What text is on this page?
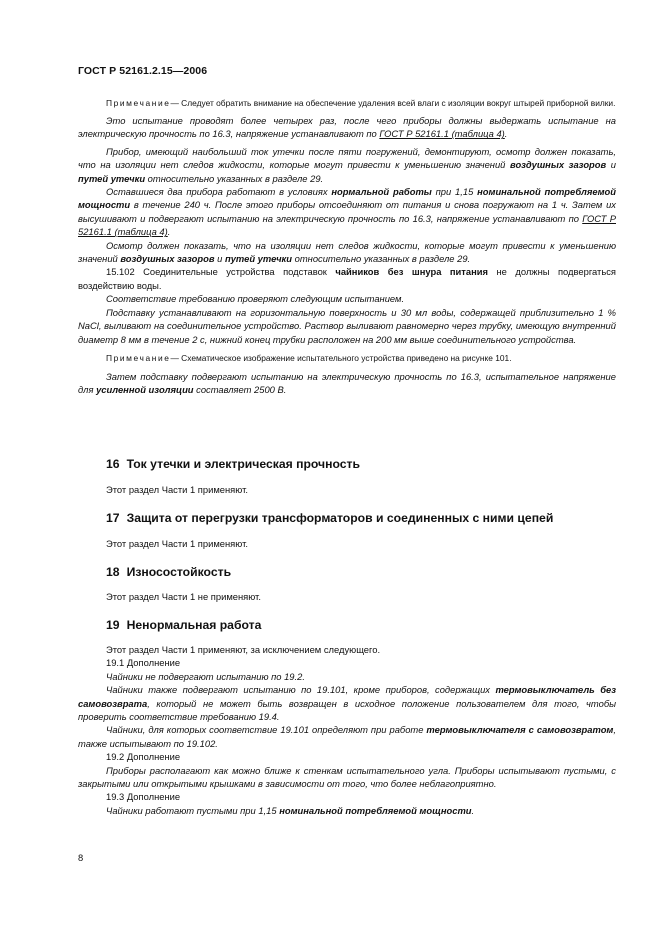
ГОСТ Р 52161.2.15—2006

Примечание— Следует обратить внимание на обеспечение удаления всей влаги с изоляции вокруг штырей приборной вилки.

Это испытание проводят более четырех раз, после чего приборы должны выдержать испытание на электрическую прочность по 16.3, напряжение устанавливают по ГОСТ Р 52161.1 (таблица 4).

Прибор, имеющий наибольший ток утечки после пяти погружений, демонтируют, осмотр должен показать, что на изоляции нет следов жидкости, которые могут привести к уменьшению значений воздушных зазоров и путей утечки относительно указанных в разделе 29.

Оставшиеся два прибора работают в условиях нормальной работы при 1,15 номинальной потребляемой мощности в течение 240 ч. После этого приборы отсоединяют от питания и снова погружают на 1 ч. Затем их высушивают и подвергают испытанию на электрическую прочность по 16.3, напряжение устанавливают по ГОСТ Р 52161.1 (таблица 4).

Осмотр должен показать, что на изоляции нет следов жидкости, которые могут привести к уменьшению значений воздушных зазоров и путей утечки относительно указанных в разделе 29.

15.102 Соединительные устройства подставок чайников без шнура питания не должны подвергаться воздействию воды.

Соответствие требованию проверяют следующим испытанием.

Подставку устанавливают на горизонтальную поверхность и 30 мл воды, содержащей приблизительно 1 % NaCl, выливают на соединительное устройство. Раствор выливают равномерно через трубку, имеющую внутренний диаметр 8 мм в течение 2 с, нижний конец трубки расположен на 200 мм выше соединительного устройства.

Примечание— Схематическое изображение испытательного устройства приведено на рисунке 101.

Затем подставку подвергают испытанию на электрическую прочность по 16.3, испытательное напряжение для усиленной изоляции составляет 2500 В.

16 Ток утечки и электрическая прочность

Этот раздел Части 1 применяют.

17 Защита от перегрузки трансформаторов и соединенных с ними цепей

Этот раздел Части 1 применяют.

18 Износостойкость

Этот раздел Части 1 не применяют.

19 Ненормальная работа

Этот раздел Части 1 применяют, за исключением следующего.

19.1 Дополнение

Чайники не подвергают испытанию по 19.2.

Чайники также подвергают испытанию по 19.101, кроме приборов, содержащих термовыключатель без самовозврата, который не может быть возвращен в исходное положение пользователем для того, чтобы проверить соответствие требованию 19.4.

Чайники, для которых соответствие 19.101 определяют при работе термовыключателя с самовозвратом, также испытывают по 19.102.

19.2 Дополнение

Приборы располагают как можно ближе к стенкам испытательного угла. Приборы испытывают пустыми, с закрытыми или открытыми крышками в зависимости от того, что более неблагоприятно.

19.3 Дополнение

Чайники работают пустыми при 1,15 номинальной потребляемой мощности.

8
